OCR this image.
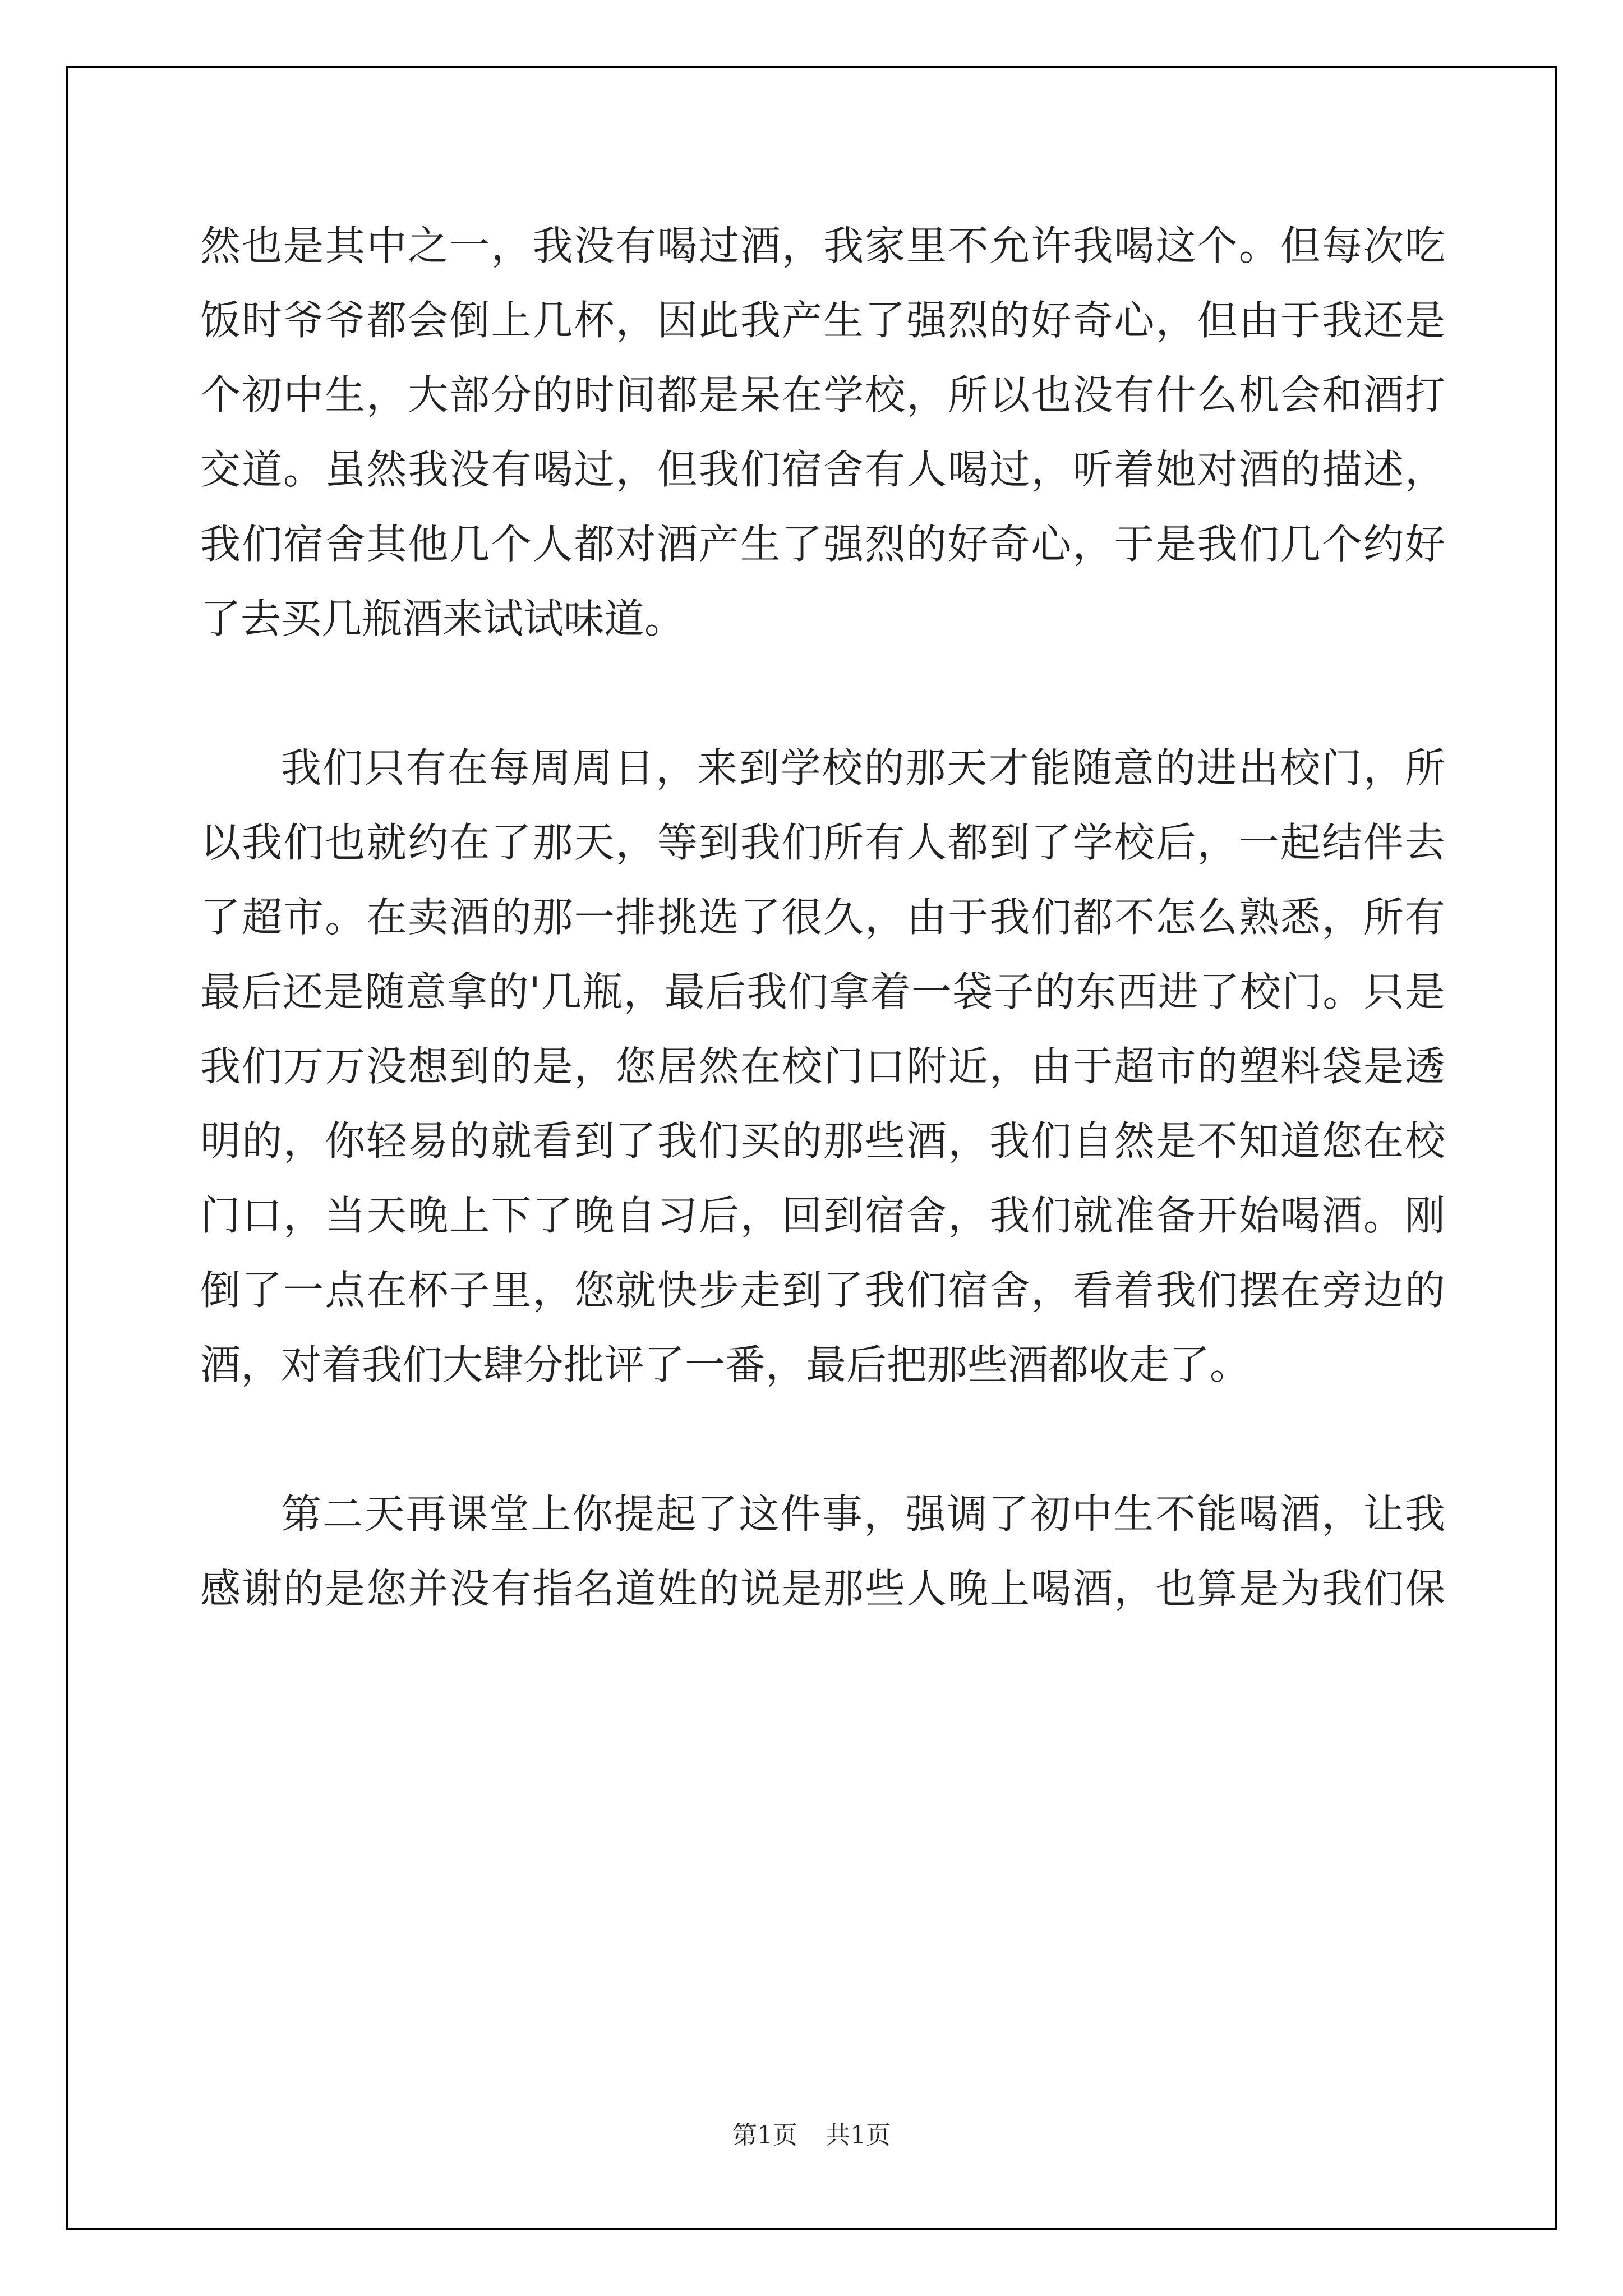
然也是其中之一，我没有喝过酒，我家里不允许我喝这个。但每次吃
饭时爷爷都会倒上几杯，因此我产生了强烈的好奇心，但由于我还是
个初中生，大部分的时间都是呆在学校，所以也没有什么机会和酒打
交道。虽然我没有喝过，但我们宿舍有人喝过，听着她对酒的描述，
我们宿舍其他几个人都对酒产生了强烈的好奇心，于是我们几个约好
了去买几瓶酒来试试味道。
我们只有在每周周日，来到学校的那天才能随意的进出校门，所
以我们也就约在了那天，等到我们所有人都到了学校后，一起结伴去
了超市。在卖酒的那一排挑选了很久，由于我们都不怎么熟悉，所有
最后还是随意拿的'几瓶，最后我们拿着一袋子的东西进了校门。只是
我们万万没想到的是，您居然在校门口附近，由于超市的塑料袋是透
明的，你轻易的就看到了我们买的那些酒，我们自然是不知道您在校
门口，当天晚上下了晚自习后，回到宿舍，我们就准备开始喝酒。刚
倒了一点在杯子里，您就快步走到了我们宿舍，看着我们摆在旁边的
酒，对着我们大肆分批评了一番，最后把那些酒都收走了。
第二天再课堂上你提起了这件事，强调了初中生不能喝酒，让我
感谢的是您并没有指名道姓的说是那些人晚上喝酒，也算是为我们保
第1页 共1页
